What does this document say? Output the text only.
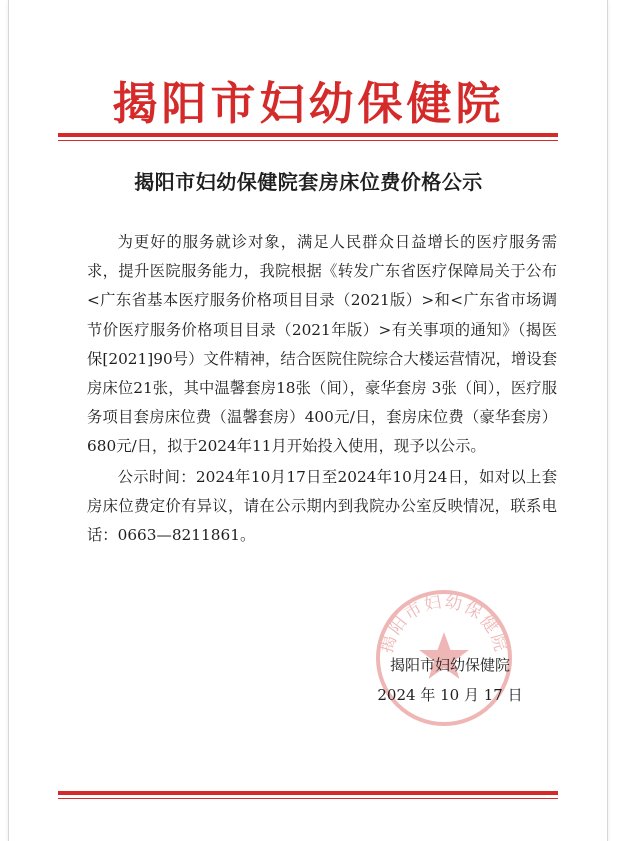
揭阳市妇幼保健院
揭阳市妇幼保健院套房床位费价格公示

为更好的服务就诊对象，满足人民群众日益增长的医疗服务需求，提升医院服务能力，我院根据《转发广东省医疗保障局关于公布<广东省基本医疗服务价格项目目录（2021版）>和<广东省市场调节价医疗服务价格项目目录（2021年版）>有关事项的通知》（揭医保[2021]90号）文件精神，结合医院住院综合大楼运营情况，增设套房床位21张，其中温馨套房18张（间），豪华套房 3张（间），医疗服务项目套房床位费（温馨套房）400元/日，套房床位费（豪华套房）680元/日，拟于2024年11月开始投入使用，现予以公示。

公示时间：2024年10月17日至2024年10月24日，如对以上套房床位费定价有异议，请在公示期内到我院办公室反映情况，联系电话：0663—8211861。

揭阳市妇幼保健院
揭阳市妇幼保健院
2024 年 10 月 17 日
